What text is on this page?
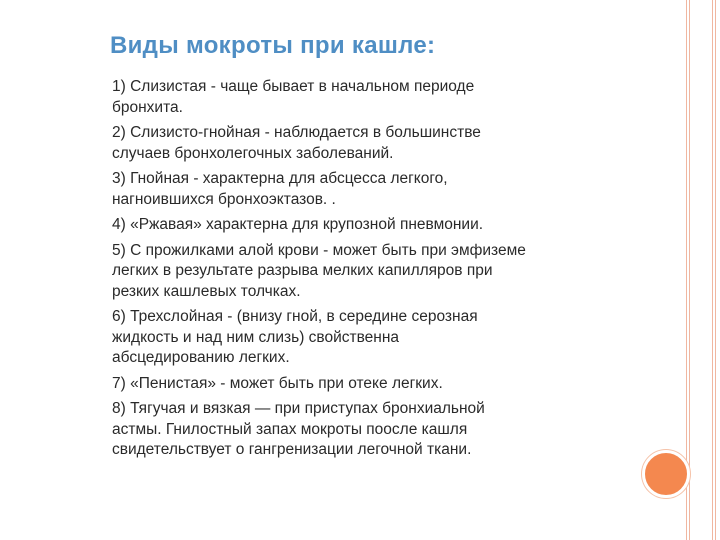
Виды мокроты при кашле:
1) Слизистая - чаще бывает в начальном периоде
бронхита.
2) Слизисто-гнойная - наблюдается в большинстве
случаев бронхолегочных заболеваний.
3) Гнойная - характерна для абсцесса легкого,
нагноившихся бронхоэктазов. .
4) «Ржавая» характерна для крупозной пневмонии.
5) С прожилками алой крови - может быть при эмфиземе
легких в результате разрыва мелких капилляров при
резких кашлевых толчках.
6) Трехслойная - (внизу гной, в середине серозная
жидкость и над ним слизь) свойственна
абсцедированию легких.
7) «Пенистая» - может быть при отеке легких.
8) Тягучая и вязкая — при приступах бронхиальной
астмы. Гнилостный запах мокроты поосле кашля
свидетельствует о гангренизации легочной ткани.
